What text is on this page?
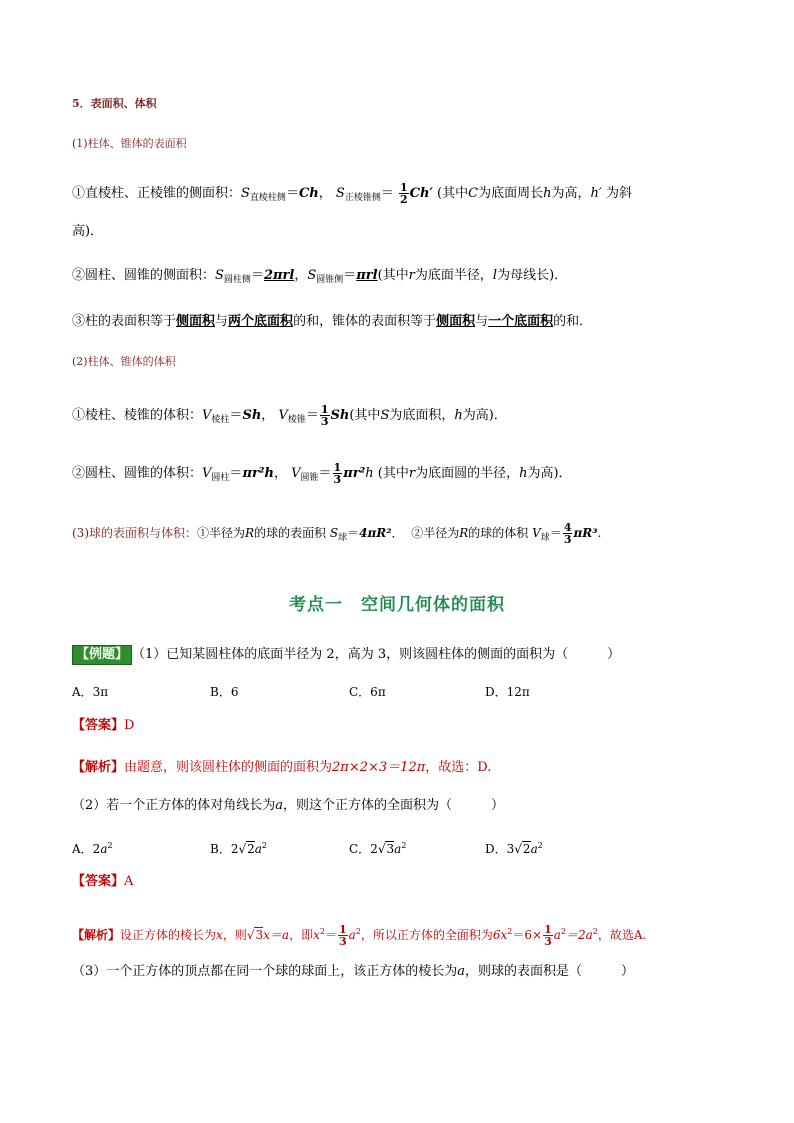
5．表面积、体积
(1)柱体、锥体的表面积
①直棱柱、正棱锥的侧面积：$S_{直棱柱侧}=Ch$， $S_{正棱锥侧}= \frac{1}{2} Ch'$ (其中C为底面周长h为高，h′ 为斜
高)．
②圆柱、圆锥的侧面积：$S_{圆柱侧}=2\pi rl$，$S_{圆锥侧}=\pi rl$(其中r为底面半径，l为母线长)．
③柱的表面积等于侧面积与两个底面积的和，锥体的表面积等于侧面积与一个底面积的和．
(2)柱体、锥体的体积
①棱柱、棱锥的体积：$V_{棱柱}=Sh$， $V_{棱锥}= \frac{1}{3} Sh$(其中S为底面积，h为高)．
②圆柱、圆锥的体积：$V_{圆柱}=\pi r^2h$， $V_{圆锥}= \frac{1}{3} \pi r^2h$ (其中r为底面圆的半径，h为高)．
(3)球的表面积与体积：①半径为R的球的表面积 $S_球=4\pi R^2$． ②半径为R的球的体积 $V_球= \frac{4}{3} \pi R^3$.
考点一　空间几何体的面积
【例题】 （1）已知某圆柱体的底面半径为 2，高为 3，则该圆柱体的侧面的面积为（　　　）
A．3π	B．6	C．6π	D．12π
【答案】D
【解析】由题意，则该圆柱体的侧面的面积为2π×2×3＝12π，故选：D.
（2）若一个正方体的体对角线长为a，则这个正方体的全面积为（　　　）
A．$2a^2$	B．$2√2a^2$	C．$2√3a^2$	D．$3√2a^2$
【答案】A
【解析】设正方体的棱长为x，则√3x＝a，即$x^2= \frac{1}{3} a^2$，所以正方体的全面积为$6x^2=6\times \frac{1}{3} a^2=2a^2$，故选A.
（3）一个正方体的顶点都在同一个球的球面上，该正方体的棱长为a，则球的表面积是（　　　）
